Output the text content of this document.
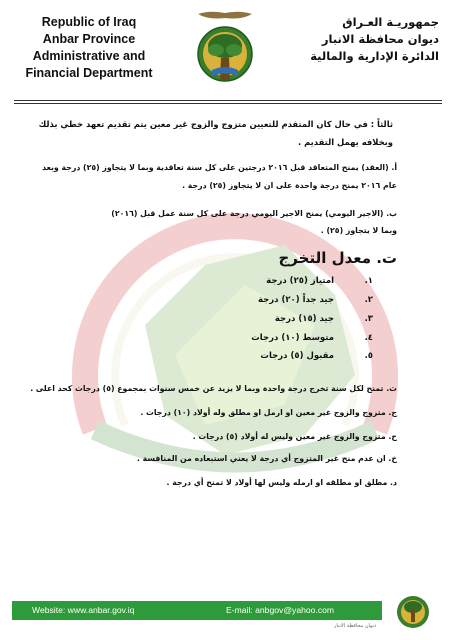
Republic of Iraq
Anbar Province
Administrative and
Financial Department
جمهوريـة العـراق
ديوان محافظة الانبار
الدائرة الإدارية والمالية
ثالثاً : في حال كان المتقدم للتعيين متزوج والزوج غير معين يتم تقديم تعهد خطي بذلك
وبخلافه يهمل التقديم .
أ. (العقد) يمنح المتعاقد قبل ٢٠١٦ درجتين على كل سنة تعاقدية وبما لا يتجاوز (٢٥) درجة وبعد
عام ٢٠١٦ يمنح درجة واحدة على ان لا يتجاوز (٢٥) درجة .
ب. (الاجير اليومي) يمنح الاجير اليومي درجة على كل سنة عمل قبل (٢٠١٦)
وبما لا يتجاوز (٢٥) .
ت. معدل التخرج
١.
امتياز (٢٥) درجة
٢.
جيد جداً (٢٠) درجة
٣.
جيد (١٥) درجة
٤.
متوسط (١٠) درجات
٥.
مقبول (٥) درجات
ث. تمنح لكل سنة تخرج درجة واحدة وبما لا يزيد عن خمس سنوات بمجموع (٥) درجات كحد اعلى .
ج. متزوج والزوج غير معين او ارمل او مطلق وله أولاد (١٠) درجات .
ح. متزوج والزوج غير معين وليس له أولاد (٥) درجات .
خ. ان عدم منح غير المتزوج أي درجة لا يعني استبعاده من المنافسة .
د. مطلق او مطلقه او ارمله وليس لها أولاد لا تمنح أي درجة .
Website: www.anbar.gov.iq	E-mail: anbgov@yahoo.com
ديوان محافظة الانبار
